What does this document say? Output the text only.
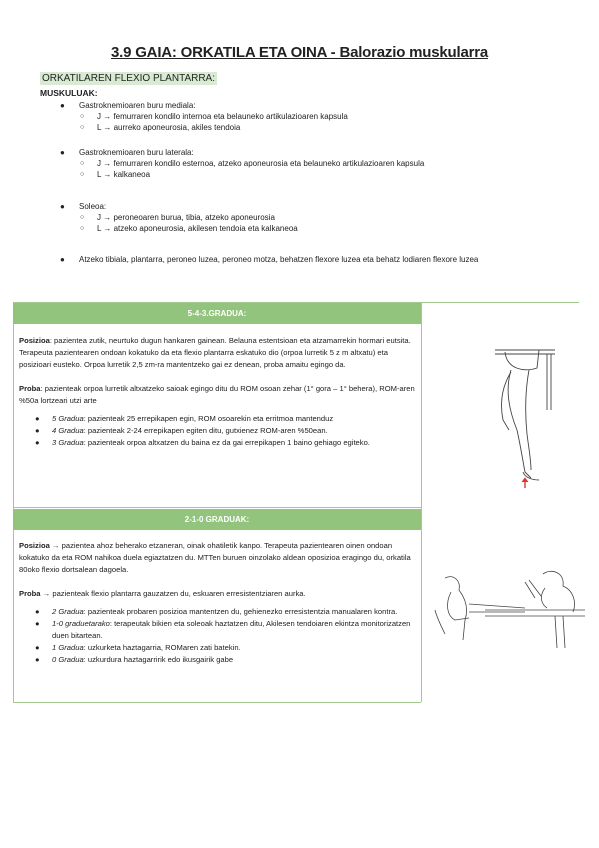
3.9 GAIA: ORKATILA ETA OINA - Balorazio muskularra
ORKATILAREN FLEXIO PLANTARRA:
MUSKULUAK:
● Gastroknemioaren buru mediala:
○ J → femurraren kondilo internoa eta belauneko artikulazioaren kapsula
○ L → aurreko aponeurosia, akiles tendoia
● Gastroknemioaren buru laterala:
○ J → femurraren kondilo esternoa, atzeko aponeurosia eta belauneko artikulazioaren kapsula
○ L → kalkaneoa
● Soleoa:
○ J → peroneoaren burua, tibia, atzeko aponeurosia
○ L → atzeko aponeurosia, akilesen tendoia eta kalkaneoa
● Atzeko tibiala, plantarra, peroneo luzea, peroneo motza, behatzen flexore luzea eta behatz lodiaren flexore luzea
5-4-3.GRADUA:
Posizioa: pazientea zutik, neurtuko dugun hankaren gainean. Belauna estentsioan eta atzamarrekin hormari eutsita. Terapeuta pazientearen ondoan kokatuko da eta flexio plantarra eskatuko dio (orpoa lurretik 5 z m altxatu) eta posizioari eusteko. Orpoa lurretik 2,5 zm-ra mantentzeko gai ez denean, proba amaitu egingo da.
Proba: pazienteak orpoa lurretik altxatzeko saioak egingo ditu du ROM osoan zehar (1° gora – 1° behera), ROM-aren %50a lortzeari utzi arte
● 5 Gradua: pazienteak 25 errepikapen egin, ROM osoarekin eta erritmoa mantenduz
● 4 Gradua: pazienteak 2-24 errepikapen egiten ditu, gutxienez ROM-aren %50ean.
● 3 Gradua: pazienteak orpoa altxatzen du baina ez da gai errepikapen 1 baino gehiago egiteko.
2-1-0 GRADUAK:
Posizioa → pazientea ahoz beherako etzaneran, oinak ohatiletik kanpo. Terapeuta pazientearen oinen ondoan kokatuko da eta ROM nahikoa duela egiaztatzen du. MTTen buruen oinzolako aldean oposizioa eragingo du, orkatila 80oko flexio dortsalean dagoela.
Proba → pazienteak flexio plantarra gauzatzen du, eskuaren erresistentziaren aurka.
● 2 Gradua: pazienteak probaren posizioa mantentzen du, gehienezko erresistentzia manualaren kontra.
● 1-0 graduetarako: terapeutak bikien eta soleoak haztatzen ditu, Akilesen tendoiaren ekintza monitorizatzen duen bitartean.
● 1 Gradua: uzkurketa haztagarria, ROMaren zati batekin.
● 0 Gradua: uzkurdura haztagarririk edo ikusgairik gabe
